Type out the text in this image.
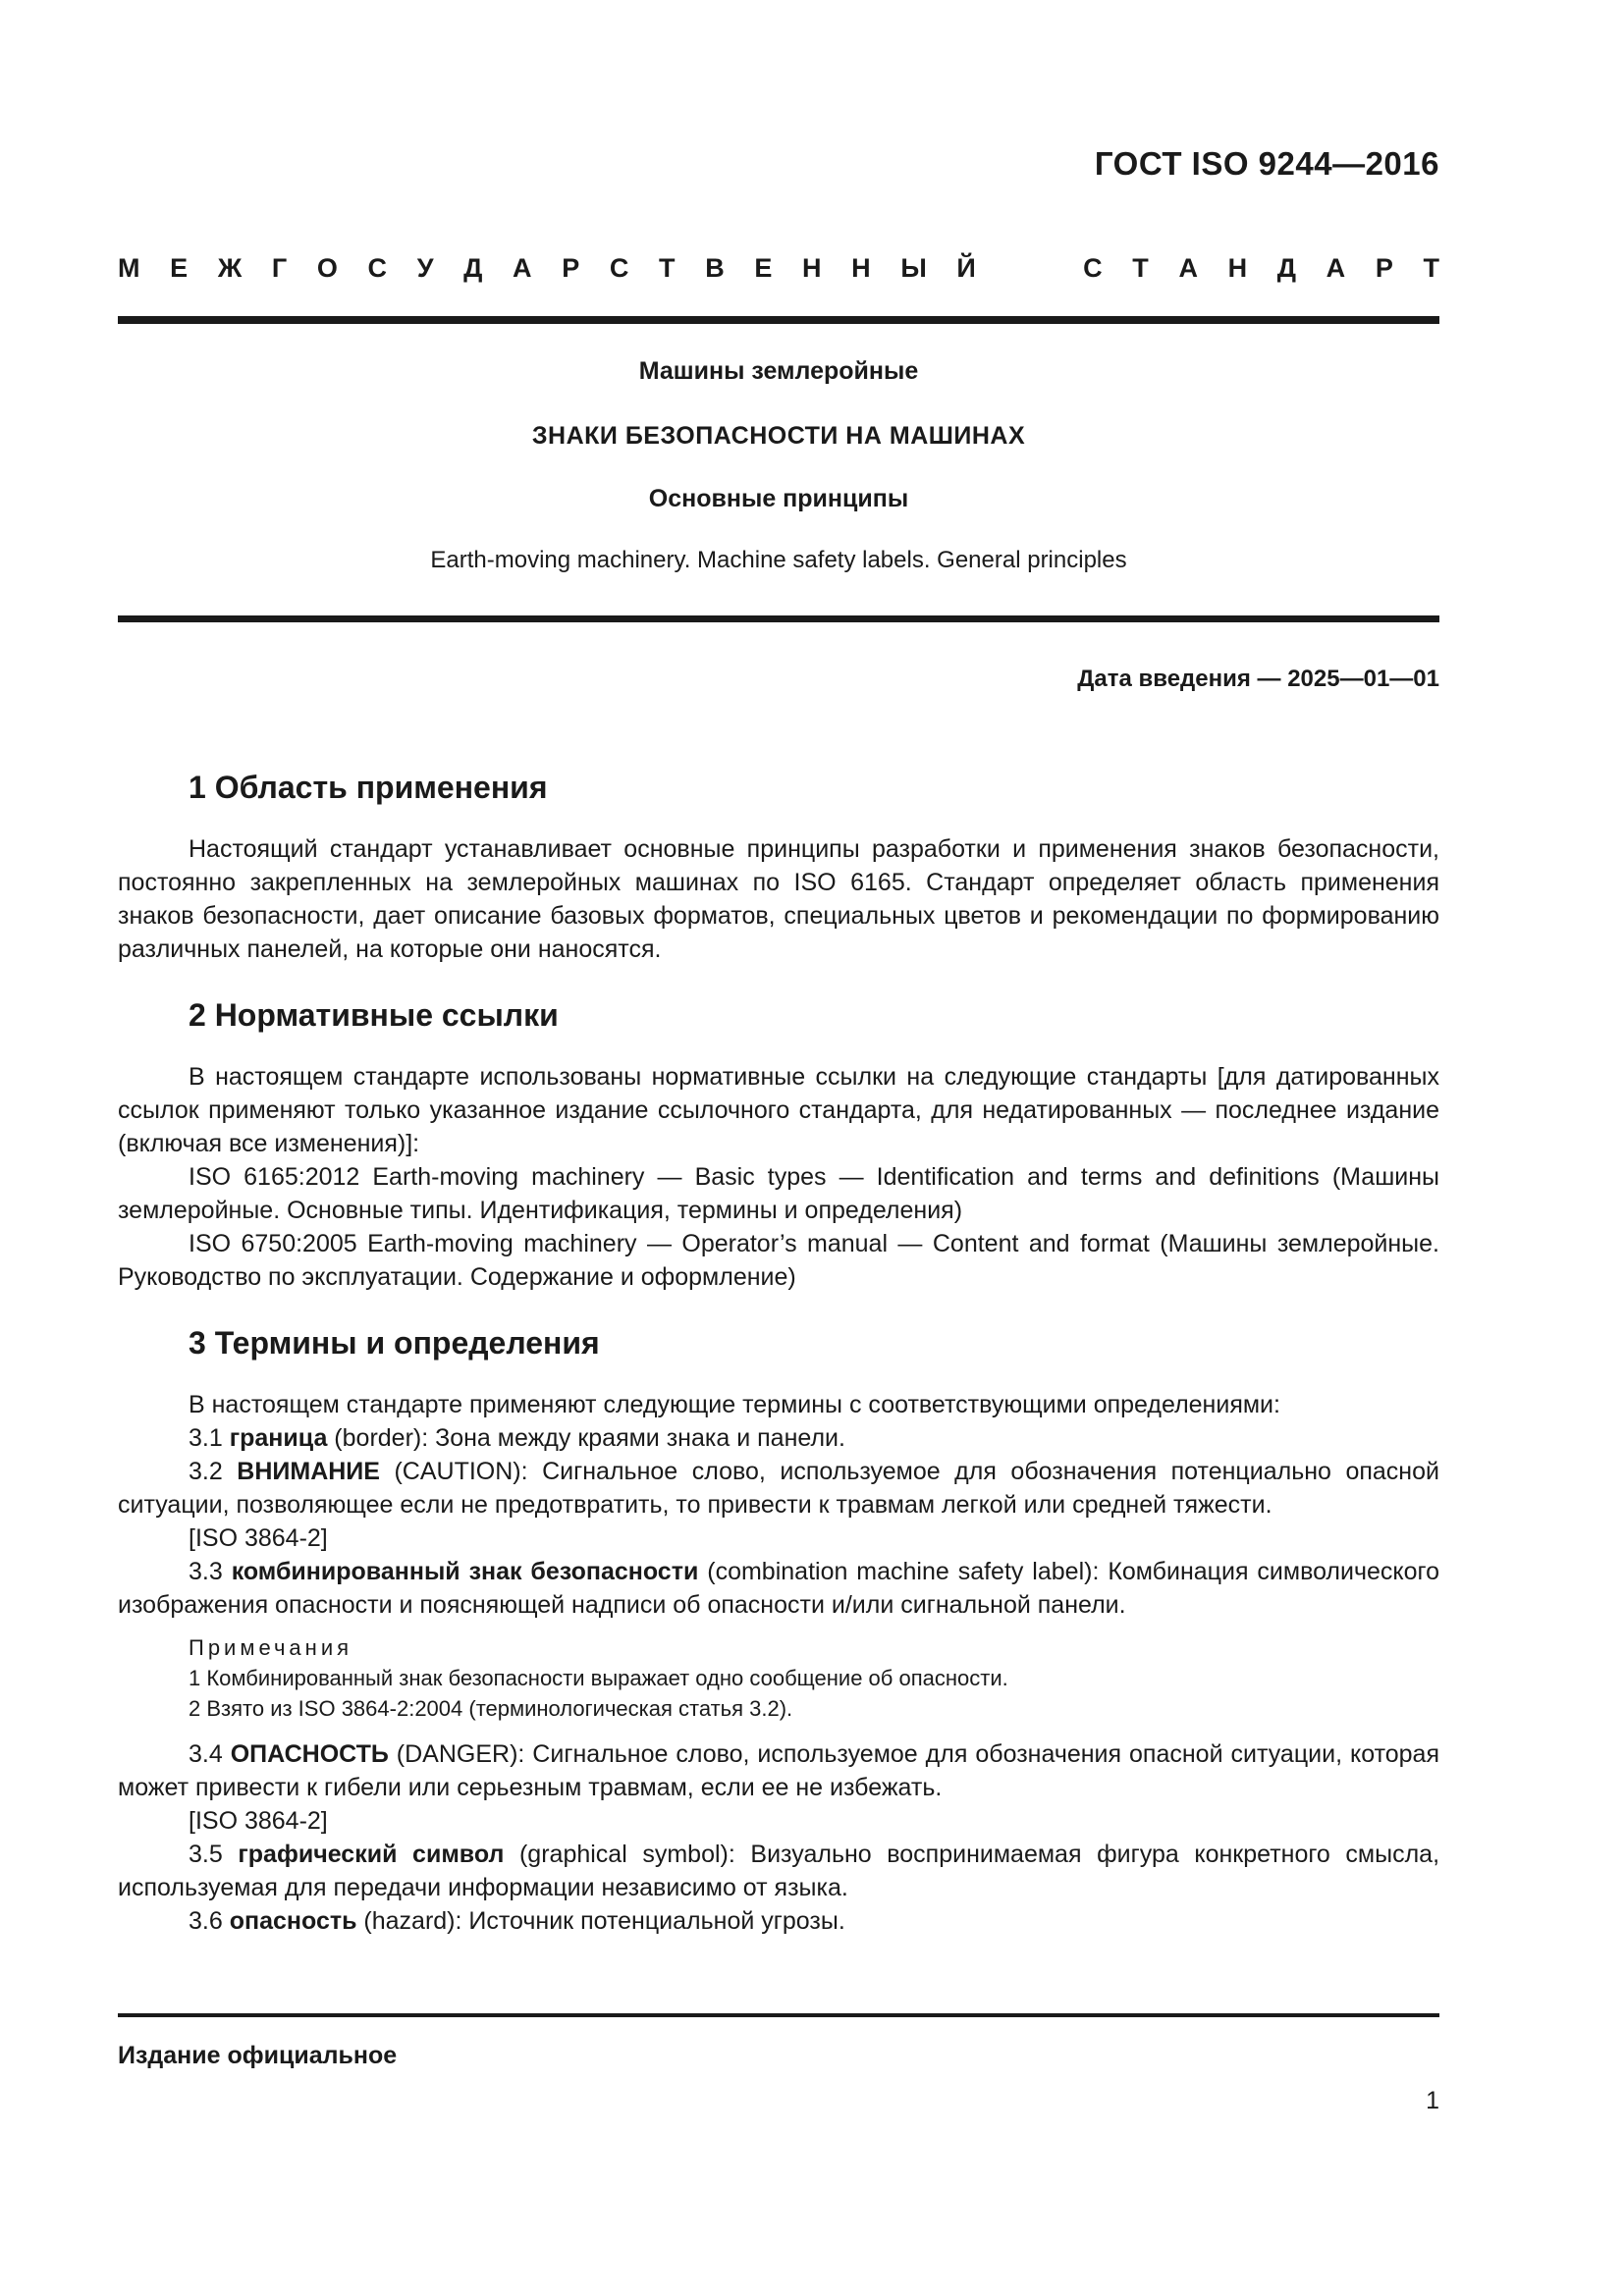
ГОСТ ISO 9244—2016
М Е Ж Г О С У Д А Р С Т В Е Н Н Ы Й	С Т А Н Д А Р Т
Машины землеройные
ЗНАКИ БЕЗОПАСНОСТИ НА МАШИНАХ
Основные принципы
Earth-moving machinery. Machine safety labels. General principles
Дата введения — 2025—01—01
1 Область применения

Настоящий стандарт устанавливает основные принципы разработки и применения знаков безопасности, постоянно закрепленных на землеройных машинах по ISO 6165. Стандарт определяет область применения знаков безопасности, дает описание базовых форматов, специальных цветов и рекомендации по формированию различных панелей, на которые они наносятся.

2 Нормативные ссылки

В настоящем стандарте использованы нормативные ссылки на следующие стандарты [для датированных ссылок применяют только указанное издание ссылочного стандарта, для недатированных — последнее издание (включая все изменения)]:

ISO 6165:2012 Earth-moving machinery — Basic types — Identification and terms and definitions (Машины землеройные. Основные типы. Идентификация, термины и определения)

ISO 6750:2005 Earth-moving machinery — Operator’s manual — Content and format (Машины землеройные. Руководство по эксплуатации. Содержание и оформление)

3 Термины и определения

В настоящем стандарте применяют следующие термины с соответствующими определениями:

3.1 граница (border): Зона между краями знака и панели.

3.2 ВНИМАНИЕ (CAUTION): Сигнальное слово, используемое для обозначения потенциально опасной ситуации, позволяющее если не предотвратить, то привести к травмам легкой или средней тяжести.

[ISO 3864-2]

3.3 комбинированный знак безопасности (combination machine safety label): Комбинация символического изображения опасности и поясняющей надписи об опасности и/или сигнальной панели.

Примечания
1 Комбинированный знак безопасности выражает одно сообщение об опасности.
2 Взято из ISO 3864-2:2004 (терминологическая статья 3.2).

3.4 ОПАСНОСТЬ (DANGER): Сигнальное слово, используемое для обозначения опасной ситуации, которая может привести к гибели или серьезным травмам, если ее не избежать.

[ISO 3864-2]

3.5 графический символ (graphical symbol): Визуально воспринимаемая фигура конкретного смысла, используемая для передачи информации независимо от языка.

3.6 опасность (hazard): Источник потенциальной угрозы.

Издание официальное
1
